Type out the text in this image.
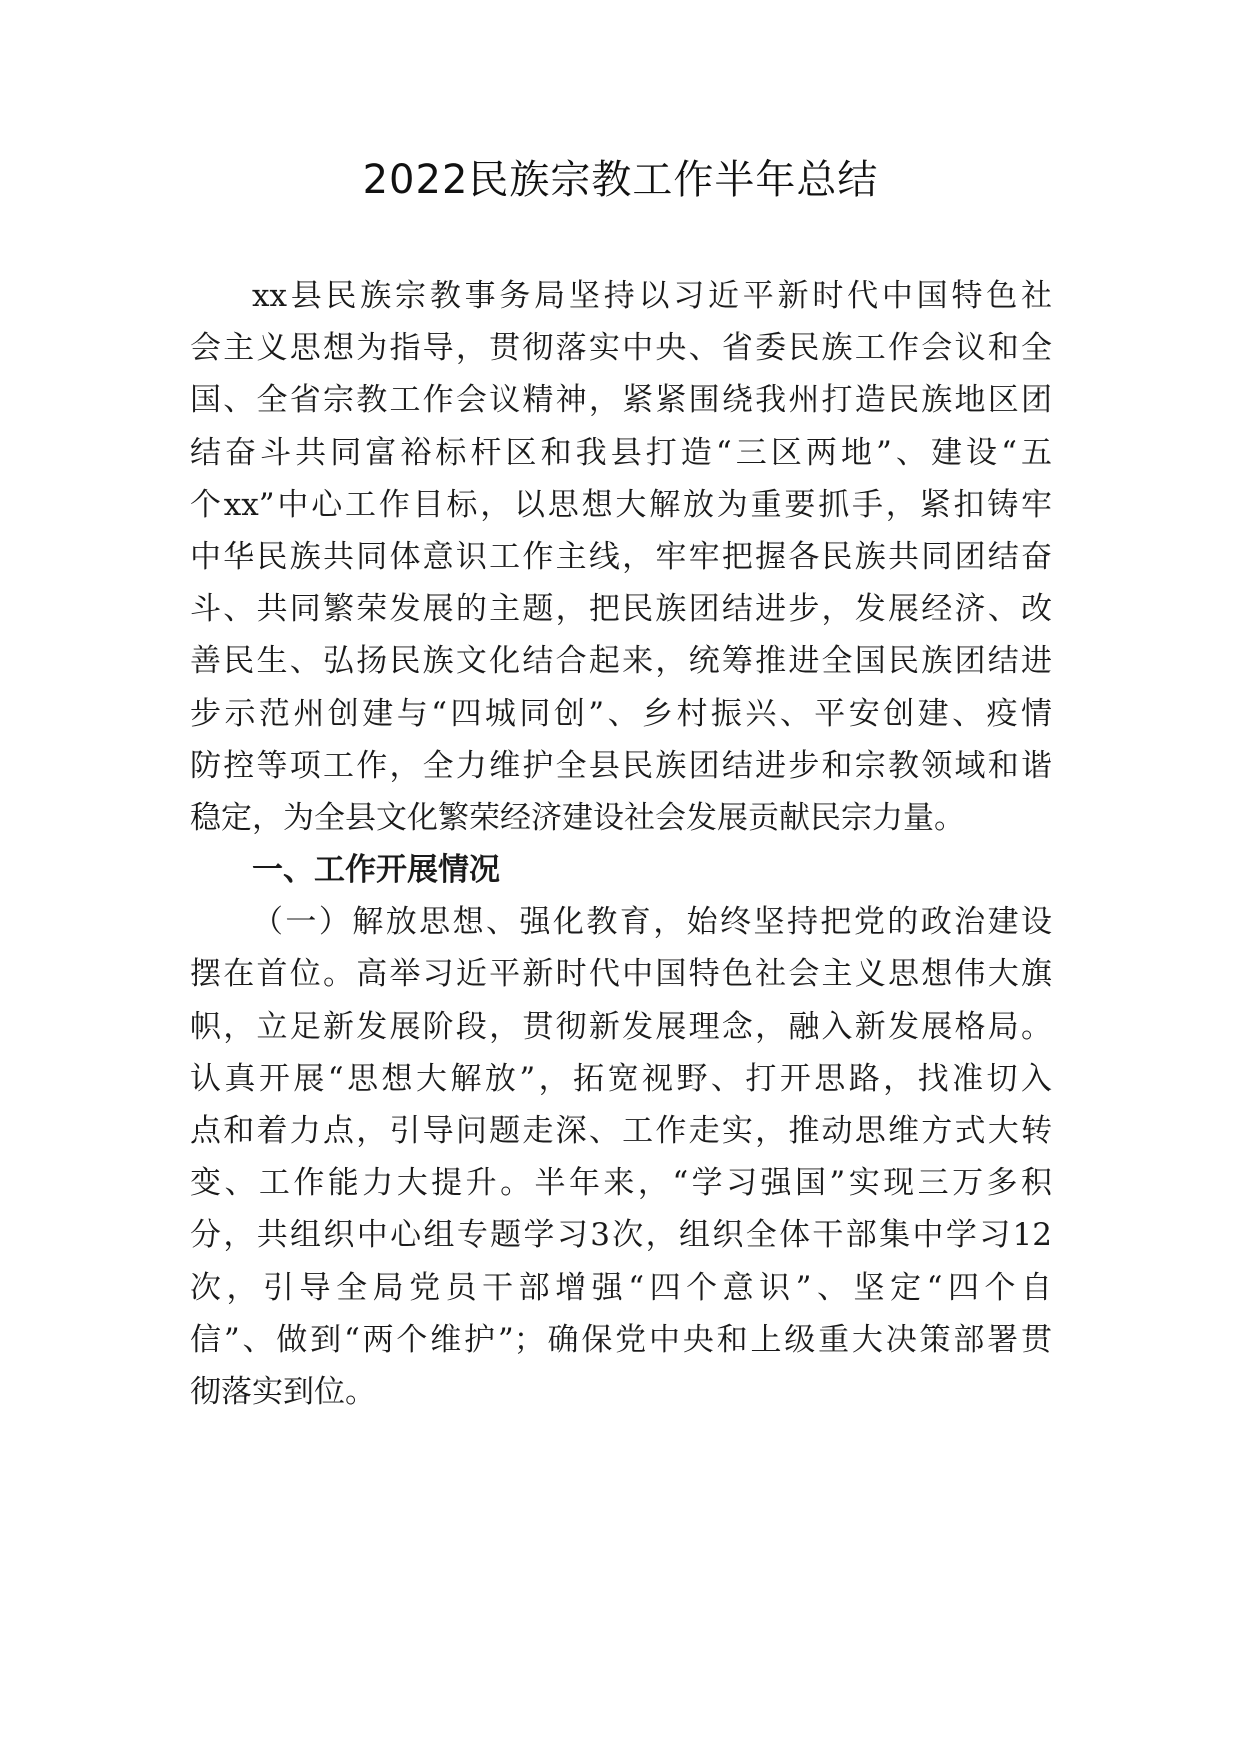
2022民族宗教工作半年总结
xx县民族宗教事务局坚持以习近平新时代中国特色社
会主义思想为指导，贯彻落实中央、省委民族工作会议和全
国、全省宗教工作会议精神，紧紧围绕我州打造民族地区团
结奋斗共同富裕标杆区和我县打造“三区两地”、建设“五
个xx”中心工作目标，以思想大解放为重要抓手，紧扣铸牢
中华民族共同体意识工作主线，牢牢把握各民族共同团结奋
斗、共同繁荣发展的主题，把民族团结进步，发展经济、改
善民生、弘扬民族文化结合起来，统筹推进全国民族团结进
步示范州创建与“四城同创”、乡村振兴、平安创建、疫情
防控等项工作，全力维护全县民族团结进步和宗教领域和谐
稳定，为全县文化繁荣经济建设社会发展贡献民宗力量。
一、工作开展情况
（一）解放思想、强化教育，始终坚持把党的政治建设
摆在首位。高举习近平新时代中国特色社会主义思想伟大旗
帜，立足新发展阶段，贯彻新发展理念，融入新发展格局。
认真开展“思想大解放”，拓宽视野、打开思路，找准切入
点和着力点，引导问题走深、工作走实，推动思维方式大转
变、工作能力大提升。半年来，“学习强国”实现三万多积
分，共组织中心组专题学习3次，组织全体干部集中学习12
次，引导全局党员干部增强“四个意识”、坚定“四个自
信”、做到“两个维护”；确保党中央和上级重大决策部署贯
彻落实到位。
